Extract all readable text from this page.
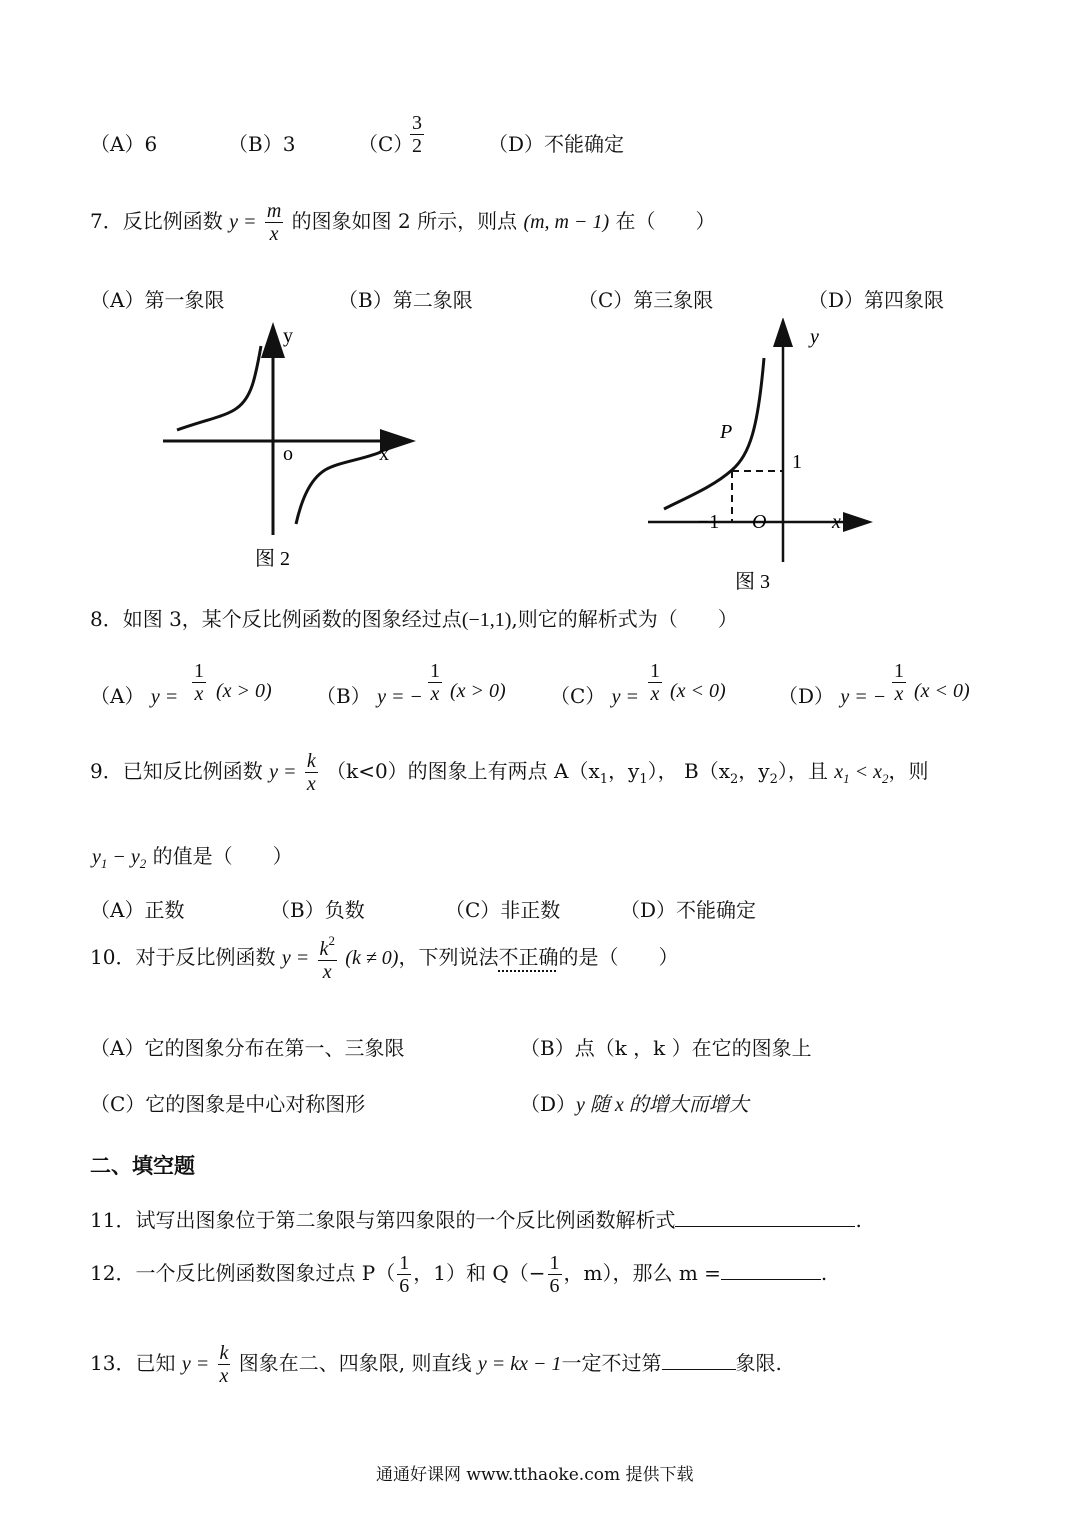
（A）6	（B）3	（C）
$\frac{3}{2}$	（D）不能确定
7．反比例函数 $y = \frac{m}{x}$ 的图象如图 2 所示，则点 (m, m − 1) 在（　　）
（A）第一象限	（B）第二象限	（C）第三象限	（D）第四象限
y
o	x
图 2
y
P
1
−1 O	x
图 3
8．如图 3，某个反比例函数的图象经过点(−1,1),则它的解析式为（　　）
（A） $y = \frac{1}{x} (x > 0)$ （B） y = − $\frac{1}{x} (x > 0)$ （C） $y = \frac{1}{x} (x < 0)$	（D） y = − $\frac{1}{x} (x < 0)$
9．已知反比例函数 $y = \frac{k}{x} (k<0)$的图象上有两点 $A(x_1$，$y_1$）， $B(x_2$，$y_2$），且 $x_1 < x_2$，则
$y_1 - y_2$ 的值是（　　）
（A）正数	（B）负数	（C）非正数	（D）不能确定
10．对于反比例函数 $y = \frac{k^2}{x} (k \ne 0)$，下列说法不正确的是（　　）
（A）它的图象分布在第一、三象限	（B）点（k ，k ）在它的图象上
（C）它的图象是中心对称图形	（D）y 随 x 的增大而增大
二、填空题
11．试写出图象位于第二象限与第四象限的一个反比例函数解析式	.
12．一个反比例函数图象过点 $P( \frac{1}{6}$ ，1）和 $Q(- \frac{1}{6}$ ，m），那么 m =	.
13．已知 $y = \frac{k}{x}$ 图象在二、四象限, 则直线 y = kx − 1一定不过第	象限.
通通好课网 www.tthaoke.com 提供下载
